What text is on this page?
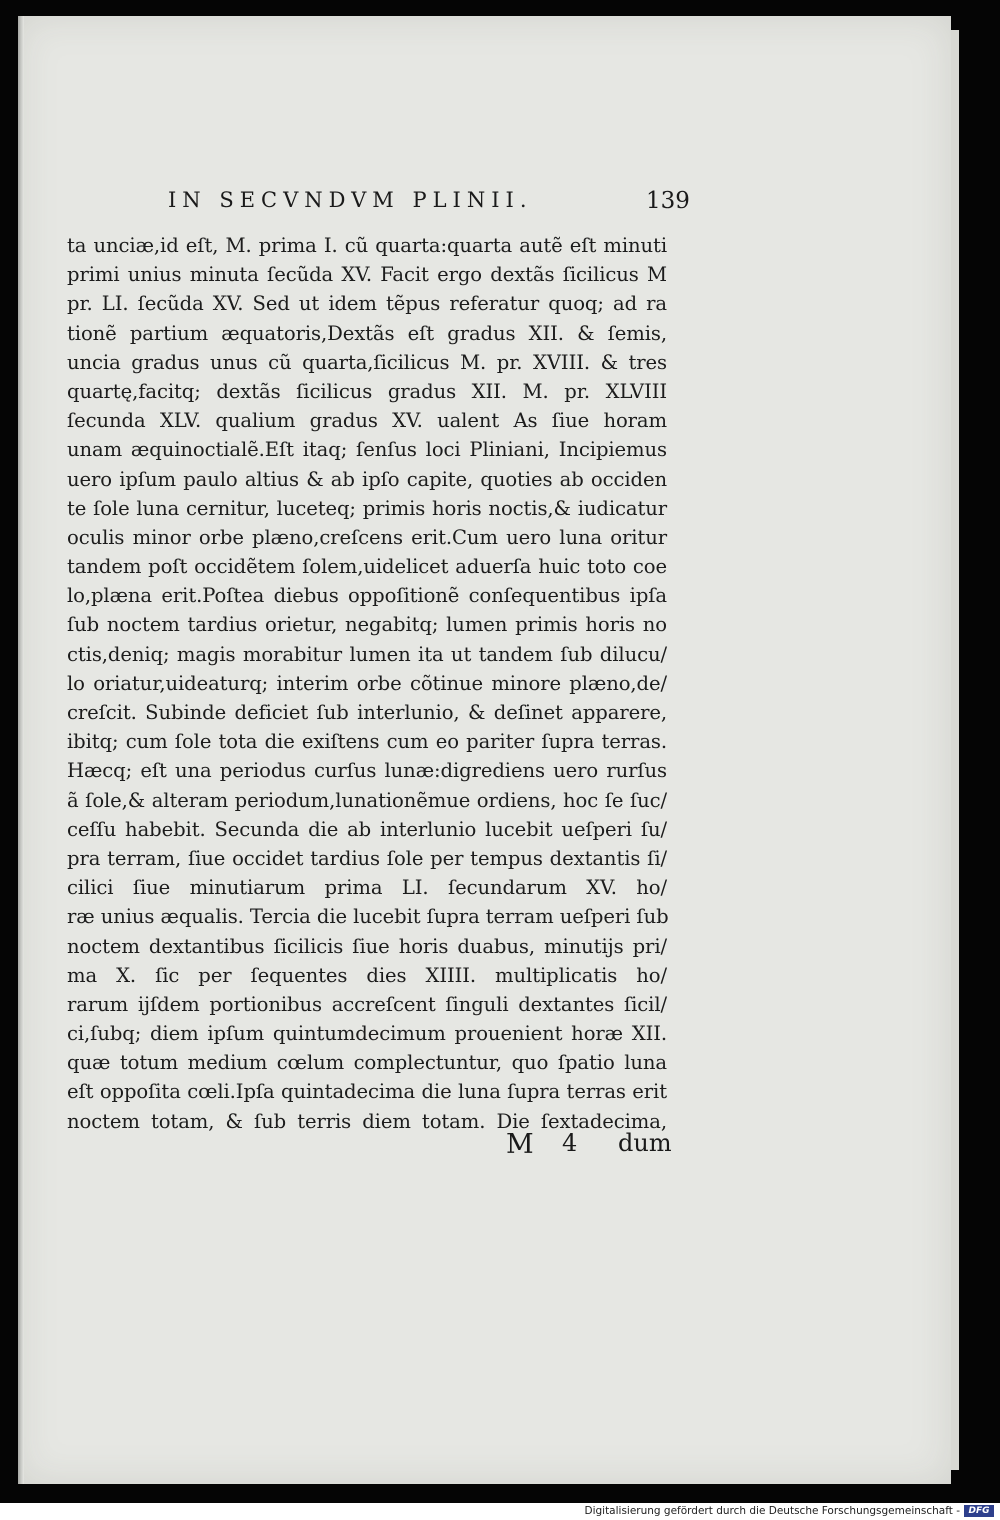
IN SECVNDVM PLINII.	139
ta unciæ,id eſt, M. prima I. cũ quarta:quarta autẽ eſt minuti
primi unius minuta ſecũda XV. Facit ergo dextãs ſicilicus M
pr. LI. ſecũda XV. Sed ut idem tẽpus referatur quoq; ad ra
tionẽ partium æquatoris,Dextãs eſt gradus XII. & ſemis,
uncia gradus unus cũ quarta,ſicilicus M. pr. XVIII. & tres
quartę,facitq; dextãs ſicilicus gradus XII. M. pr. XLVIII
ſecunda XLV. qualium gradus XV. ualent As ſiue horam
unam æquinoctialẽ.Eſt itaq; ſenſus loci Pliniani, Incipiemus
uero ipſum paulo altius & ab ipſo capite, quoties ab occiden
te ſole luna cernitur, luceteq; primis horis noctis,& iudicatur
oculis minor orbe plæno,creſcens erit.Cum uero luna oritur
tandem poſt occidẽtem ſolem,uidelicet aduerſa huic toto coe
lo,plæna erit.Poſtea diebus oppoſitionẽ conſequentibus ipſa
ſub noctem tardius orietur, negabitq; lumen primis horis no
ctis,deniq; magis morabitur lumen ita ut tandem ſub dilucu/
lo oriatur,uideaturq; interim orbe cõtinue minore plæno,de/
creſcit. Subinde deficiet ſub interlunio, & deſinet apparere,
ibitq; cum ſole tota die exiſtens cum eo pariter ſupra terras.
Hæcq; eſt una periodus curſus lunæ:digrediens uero rurſus
ã ſole,& alteram periodum,lunationẽmue ordiens, hoc ſe ſuc/
ceſſu habebit. Secunda die ab interlunio lucebit ueſperi ſu/
pra terram, ſiue occidet tardius ſole per tempus dextantis ſi/
cilici ſiue minutiarum prima LI. ſecundarum XV. ho/
ræ unius æqualis. Tercia die lucebit ſupra terram ueſperi ſub
noctem dextantibus ſicilicis ſiue horis duabus, minutijs pri/
ma X. ſic per ſequentes dies XIIII. multiplicatis ho/
rarum ijſdem portionibus accreſcent ſinguli dextantes ſicil/
ci,ſubq; diem ipſum quintumdecimum prouenient horæ XII.
quæ totum medium cœlum complectuntur, quo ſpatio luna
eſt oppoſita cœli.Ipſa quintadecima die luna ſupra terras erit
noctem totam, & ſub terris diem totam. Die ſextadecima,
M 4 dum
Digitalisierung gefördert durch die Deutsche Forschungsgemeinschaft - DFG
